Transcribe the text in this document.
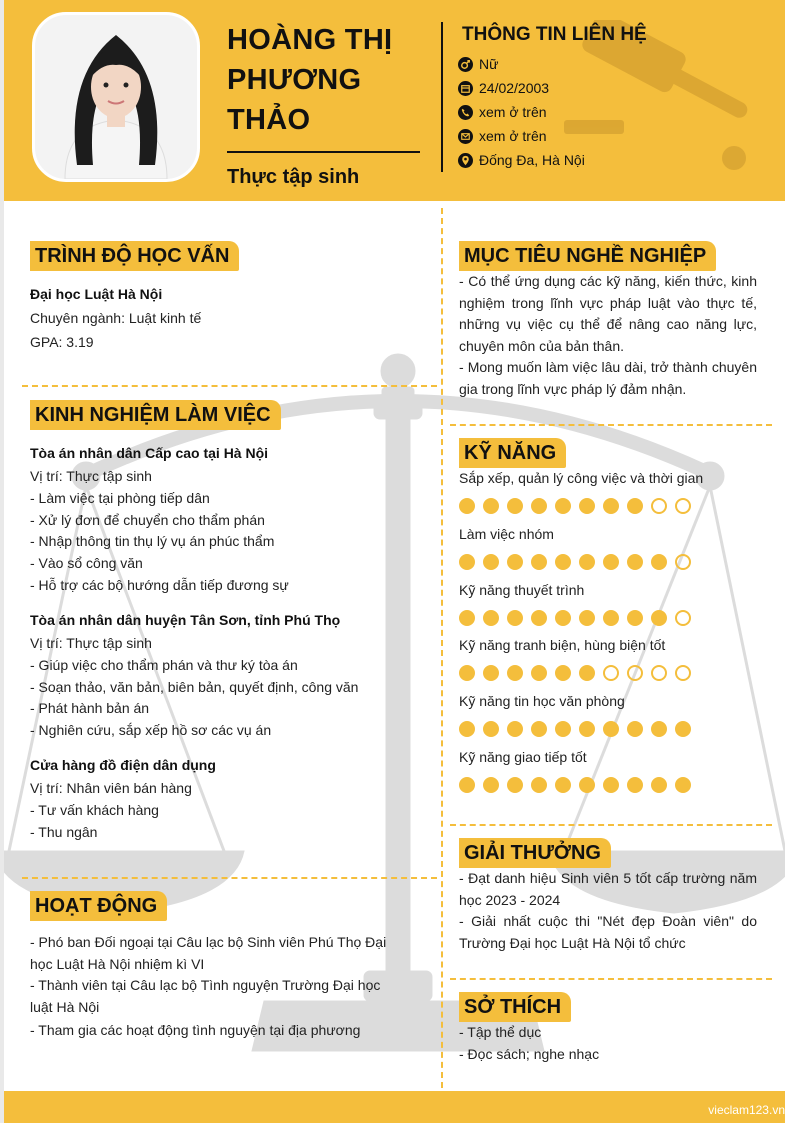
HOÀNG THỊ
PHƯƠNG
THẢO
Thực tập sinh
THÔNG TIN LIÊN HỆ
Nữ
24/02/2003
xem ở trên
xem ở trên
Đống Đa, Hà Nội
TRÌNH ĐỘ HỌC VẤN
Đại học Luật Hà Nội
Chuyên ngành: Luật kinh tế
GPA: 3.19
KINH NGHIỆM LÀM VIỆC
Tòa án nhân dân Cấp cao tại Hà Nội
Vị trí: Thực tập sinh
- Làm việc tại phòng tiếp dân
- Xử lý đơn để chuyển cho thẩm phán
- Nhập thông tin thụ lý vụ án phúc thẩm
- Vào sổ công văn
- Hỗ trợ các bộ hướng dẫn tiếp đương sự
Tòa án nhân dân huyện Tân Sơn, tỉnh Phú Thọ
Vị trí: Thực tập sinh
- Giúp việc cho thẩm phán và thư ký tòa án
- Soạn thảo, văn bản, biên bản, quyết định, công văn
- Phát hành bản án
- Nghiên cứu, sắp xếp hồ sơ các vụ án
Cửa hàng đồ điện dân dụng
Vị trí: Nhân viên bán hàng
- Tư vấn khách hàng
- Thu ngân
HOẠT ĐỘNG
- Phó ban Đối ngoại tại Câu lạc bộ Sinh viên Phú Thọ Đại học Luật Hà Nội nhiệm kì VI
- Thành viên tại Câu lạc bộ Tình nguyện Trường Đại học luật Hà Nội
- Tham gia các hoạt động tình nguyện tại địa phương
MỤC TIÊU NGHỀ NGHIỆP
- Có thể ứng dụng các kỹ năng, kiến thức, kinh nghiệm trong lĩnh vực pháp luật vào thực tế, những vụ việc cụ thể để nâng cao năng lực, chuyên môn của bản thân.
- Mong muốn làm việc lâu dài, trở thành chuyên gia trong lĩnh vực pháp lý đảm nhận.
KỸ NĂNG
Sắp xếp, quản lý công việc và thời gian
Làm việc nhóm
Kỹ năng thuyết trình
Kỹ năng tranh biện, hùng biện tốt
Kỹ năng tin học văn phòng
Kỹ năng giao tiếp tốt
GIẢI THƯỞNG
- Đạt danh hiệu Sinh viên 5 tốt cấp trường năm học 2023 - 2024
- Giải nhất cuộc thi "Nét đẹp Đoàn viên" do Trường Đại học Luật Hà Nội tổ chức
SỞ THÍCH
- Tập thể dục
- Đọc sách; nghe nhạc
vieclam123.vn
